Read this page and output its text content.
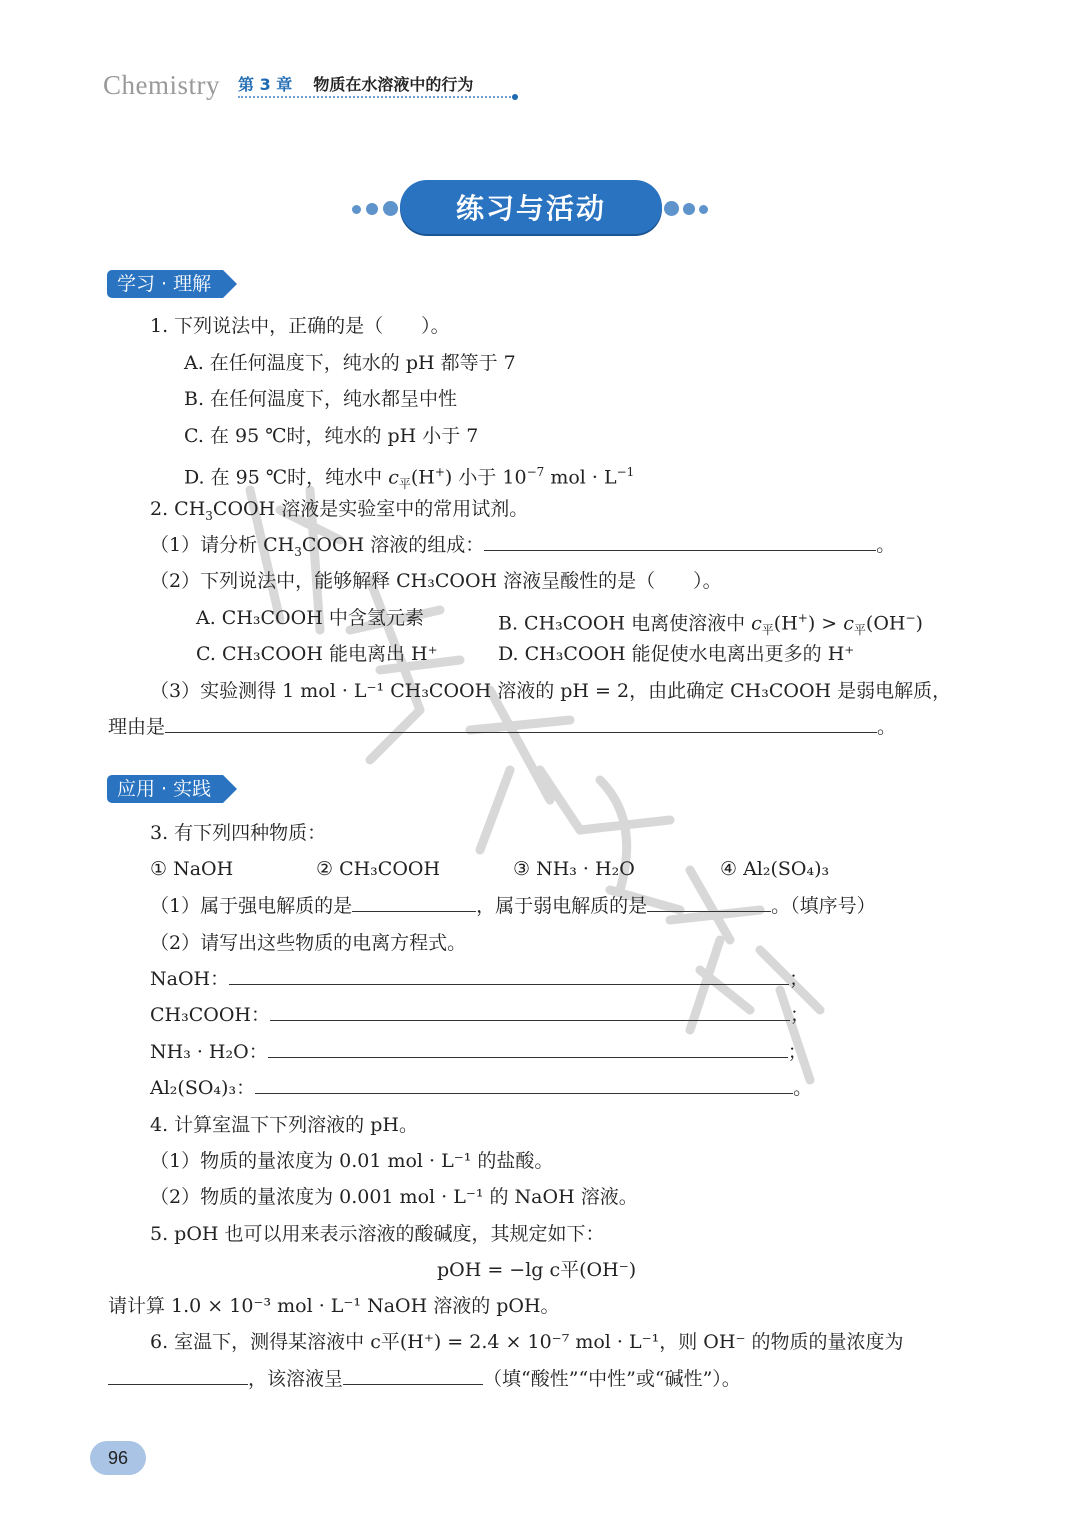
Chemistry 第 3 章 物质在水溶液中的行为
练习与活动
学习 · 理解
1. 下列说法中，正确的是（　　）。
A. 在任何温度下，纯水的 pH 都等于 7
B. 在任何温度下，纯水都呈中性
C. 在 95 ℃时，纯水的 pH 小于 7
D. 在 95 ℃时，纯水中 $c_平(H^+)$ 小于 $10^{-7}$ mol · $L^{-1}$
2. $CH_3COOH$ 溶液是实验室中的常用试剂。
（1）请分析 $CH_3COOH$ 溶液的组成：	。
（2）下列说法中，能够解释 CH₃COOH 溶液呈酸性的是（　　）。
A. CH₃COOH 中含氢元素	B. CH₃COOH 电离使溶液中 $c_平(H^+) > c_平(OH^-)$
C. CH₃COOH 能电离出 H⁺	D. CH₃COOH 能促使水电离出更多的 H⁺
（3）实验测得 1 mol · L⁻¹ CH₃COOH 溶液的 pH = 2，由此确定 CH₃COOH 是弱电解质，
理由是	。
应用 · 实践
3. 有下列四种物质：
① NaOH	② CH₃COOH	③ NH₃ · H₂O	④ Al₂(SO₄)₃
（1）属于强电解质的是	，属于弱电解质的是	。（填序号）
（2）请写出这些物质的电离方程式。
NaOH：	；
CH₃COOH：	；
NH₃ · H₂O：	；
Al₂(SO₄)₃：	。
4. 计算室温下下列溶液的 pH。
（1）物质的量浓度为 0.01 mol · L⁻¹ 的盐酸。
（2）物质的量浓度为 0.001 mol · L⁻¹ 的 NaOH 溶液。
5. pOH 也可以用来表示溶液的酸碱度，其规定如下：
pOH = −lg c平(OH⁻)
请计算 1.0 × 10⁻³ mol · L⁻¹ NaOH 溶液的 pOH。
6. 室温下，测得某溶液中 c平(H⁺) = 2.4 × 10⁻⁷ mol · L⁻¹，则 OH⁻ 的物质的量浓度为
，该溶液呈	（填“酸性”“中性”或“碱性”）。
96
